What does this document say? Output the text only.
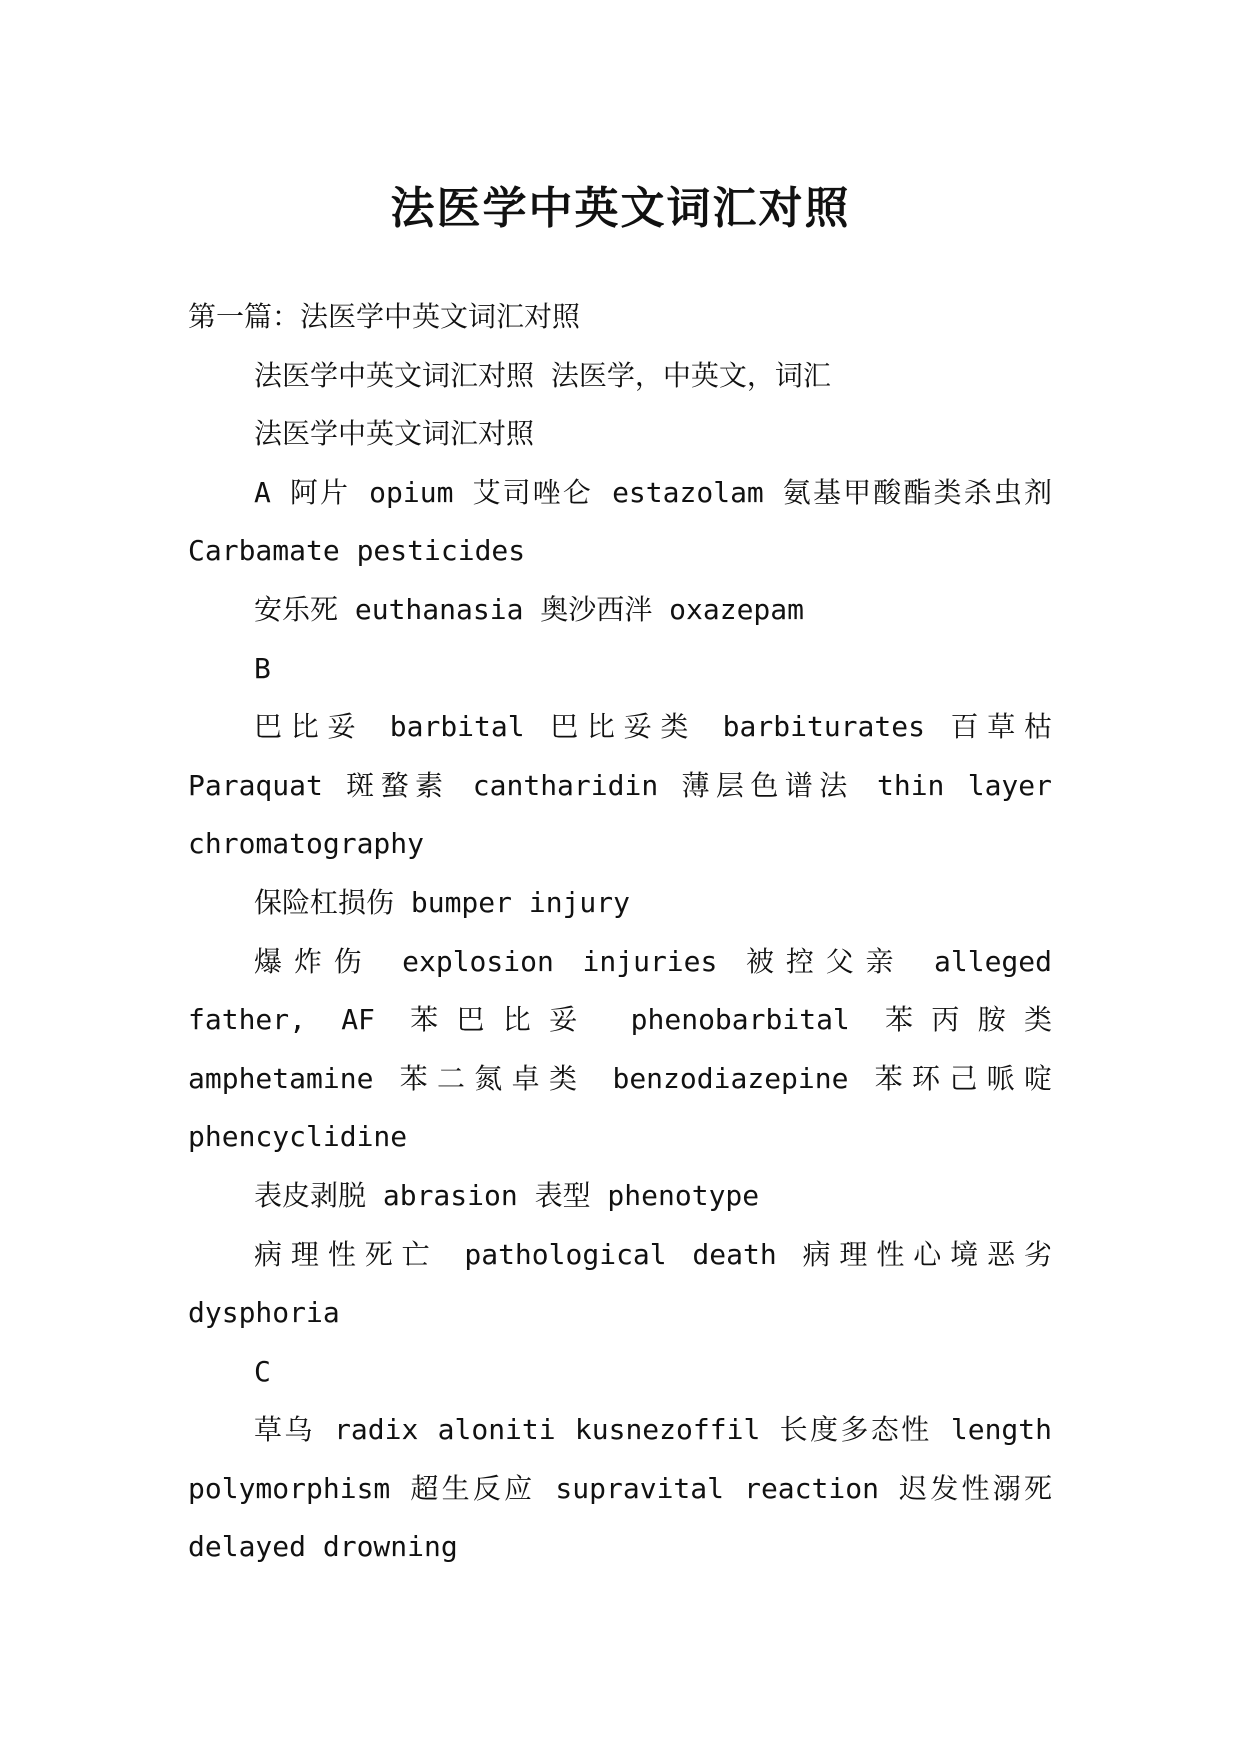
法医学中英文词汇对照

第一篇：法医学中英文词汇对照

法医学中英文词汇对照 法医学，中英文，词汇

法医学中英文词汇对照

A 阿片 opium 艾司唑仑 estazolam 氨基甲酸酯类杀虫剂 Carbamate pesticides

安乐死 euthanasia 奥沙西泮 oxazepam

B

巴比妥 barbital 巴比妥类 barbiturates 百草枯 Paraquat 斑蝥素 cantharidin 薄层色谱法 thin layer chromatography

保险杠损伤 bumper injury

爆炸伤 explosion injuries 被控父亲 alleged father, AF 苯巴比妥 phenobarbital 苯丙胺类 amphetamine 苯二氮卓类 benzodiazepine 苯环己哌啶 phencyclidine

表皮剥脱 abrasion 表型 phenotype

病理性死亡 pathological death 病理性心境恶劣 dysphoria

C

草乌 radix aloniti kusnezoffil 长度多态性 length polymorphism 超生反应 supravital reaction 迟发性溺死 delayed drowning
